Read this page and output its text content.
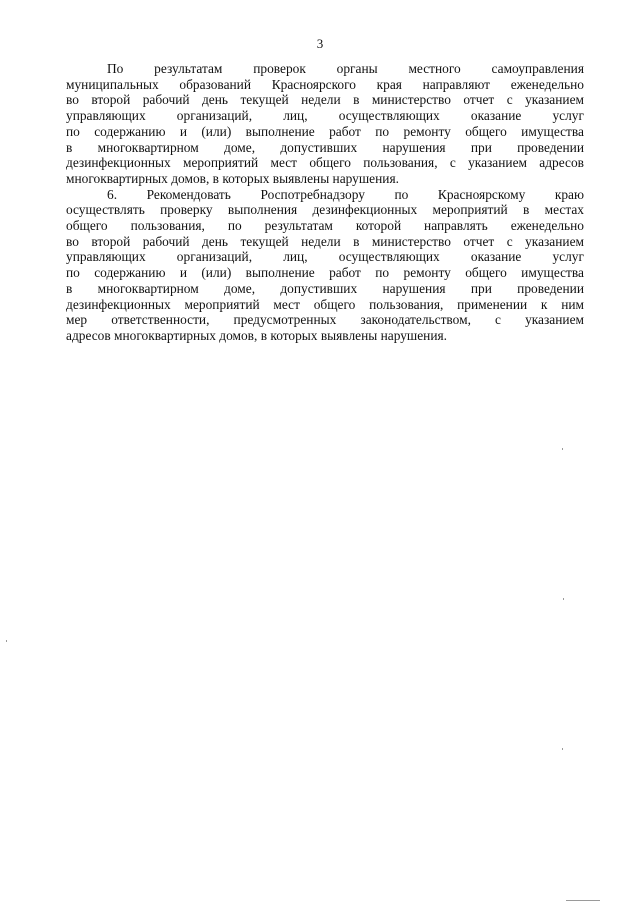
3
По результатам проверок органы местного самоуправления
муниципальных образований Красноярского края направляют еженедельно
во второй рабочий день текущей недели в министерство отчет с указанием
управляющих организаций, лиц, осуществляющих оказание услуг
по содержанию и (или) выполнение работ по ремонту общего имущества
в многоквартирном доме, допустивших нарушения при проведении
дезинфекционных мероприятий мест общего пользования, с указанием адресов
многоквартирных домов, в которых выявлены нарушения.
6. Рекомендовать Роспотребнадзору по Красноярскому краю
осуществлять проверку выполнения дезинфекционных мероприятий в местах
общего пользования, по результатам которой направлять еженедельно
во второй рабочий день текущей недели в министерство отчет с указанием
управляющих организаций, лиц, осуществляющих оказание услуг
по содержанию и (или) выполнение работ по ремонту общего имущества
в многоквартирном доме, допустивших нарушения при проведении
дезинфекционных мероприятий мест общего пользования, применении к ним
мер ответственности, предусмотренных законодательством, с указанием
адресов многоквартирных домов, в которых выявлены нарушения.
